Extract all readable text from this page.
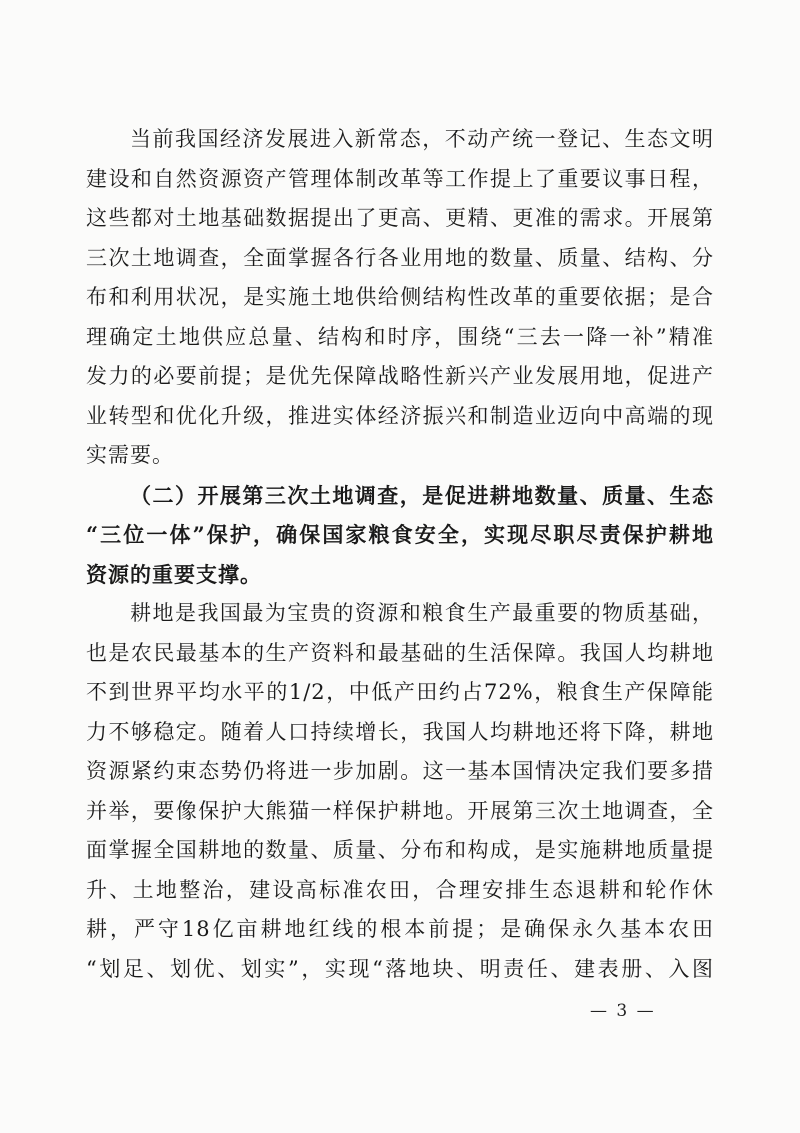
当前我国经济发展进入新常态，不动产统一登记、生态文明
建设和自然资源资产管理体制改革等工作提上了重要议事日程，
这些都对土地基础数据提出了更高、更精、更准的需求。开展第
三次土地调查，全面掌握各行各业用地的数量、质量、结构、分
布和利用状况，是实施土地供给侧结构性改革的重要依据；是合
理确定土地供应总量、结构和时序，围绕“三去一降一补”精准
发力的必要前提；是优先保障战略性新兴产业发展用地，促进产
业转型和优化升级，推进实体经济振兴和制造业迈向中高端的现
实需要。
（二）开展第三次土地调查，是促进耕地数量、质量、生态
“三位一体”保护，确保国家粮食安全，实现尽职尽责保护耕地
资源的重要支撑。
耕地是我国最为宝贵的资源和粮食生产最重要的物质基础，
也是农民最基本的生产资料和最基础的生活保障。我国人均耕地
不到世界平均水平的1/2，中低产田约占72%，粮食生产保障能
力不够稳定。随着人口持续增长，我国人均耕地还将下降，耕地
资源紧约束态势仍将进一步加剧。这一基本国情决定我们要多措
并举，要像保护大熊猫一样保护耕地。开展第三次土地调查，全
面掌握全国耕地的数量、质量、分布和构成，是实施耕地质量提
升、土地整治，建设高标准农田，合理安排生态退耕和轮作休
耕，严守18亿亩耕地红线的根本前提；是确保永久基本农田
“划足、划优、划实”，实现“落地块、明责任、建表册、入图
— 3 —
